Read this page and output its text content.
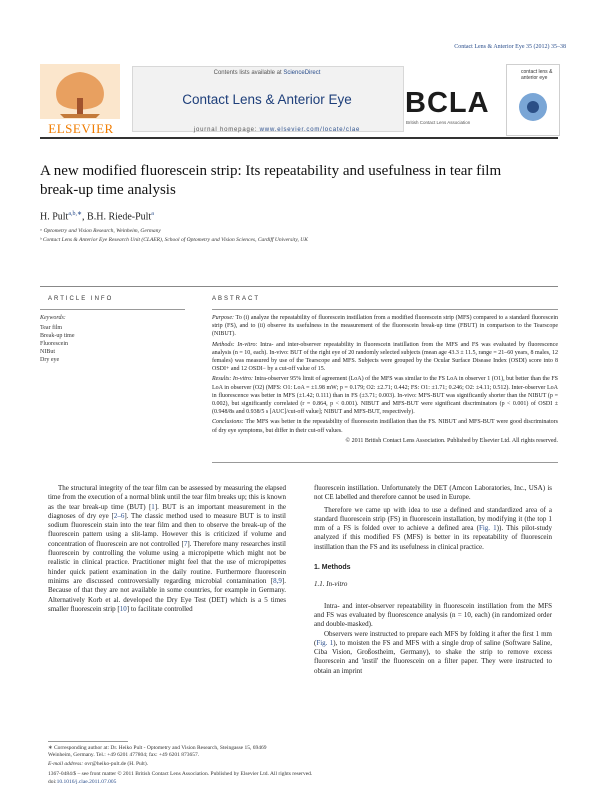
Contact Lens & Anterior Eye 35 (2012) 35–38
Contents lists available at ScienceDirect
Contact Lens & Anterior Eye
journal homepage: www.elsevier.com/locate/clae
ELSEVIER
BCLA
British Contact Lens Association
contact lens & anterior eye
A new modified fluorescein strip: Its repeatability and usefulness in tear film break-up time analysis
H. Pult$^{a,b,∗}$, B.H. Riede-Pult$^a$
ᵃ Optometry and Vision Research, Weinheim, Germany
ᵇ Contact Lens & Anterior Eye Research Unit (CLAER), School of Optometry and Vision Sciences, Cardiff University, UK
ARTICLE INFO	ABSTRACT
Keywords:
Tear film
Break-up time
Fluorescein
NIBut
Dry eye

Purpose: To (i) analyze the repeatability of fluorescein instillation from a modified fluorescein strip (MFS) compared to a standard fluorescein strip (FS), and to (ii) observe its usefulness in the measurement of the fluorescein break-up time (FBUT) in comparison to the Tearscope (NIBUT).

Methods: In-vitro: Intra- and inter-observer repeatability in fluorescein instillation from the MFS and FS was evaluated by fluorescence analysis (n = 10, each). In-vivo: BUT of the right eye of 20 randomly selected subjects (mean age 43.3 ± 11.5, range = 21–60 years, 8 males, 12 females) was measured by use of the Tearscope and MFS. Subjects were grouped by the Ocular Surface Disease Index (OSDI) score into 8 OSDI+ and 12 OSDI− by a cut-off value of 15.

Results: In-vitro: Intra-observer 95% limit of agreement (LoA) of the MFS was similar to the FS LoA in observer 1 (O1), but better than the FS LoA in observer (O2) (MFS: O1: LoA = ±1.98 mW; p = 0.179; O2: ±2.71; 0.442; FS: O1: ±1.71; 0.246; O2: ±4.11; 0.512). Inter-observer LoA in fluorescence was better in MFS (±1.42; 0.111) than in FS (±3.71; 0.003). In-vivo: MFS-BUT was significantly shorter than the NIBUT (p = 0.002), but significantly correlated (r = 0.864, p < 0.001). NIBUT and MFS-BUT were significant discriminators (p < 0.001) of OSDI ± (0.948/8s and 0.938/5 s [AUC]/cut-off value]; NIBUT and MFS-BUT, respectively).

Conclusions: The MFS was better in the repeatability of fluorescein instillation than the FS. NIBUT and MFS-BUT were good discriminators of dry eye symptoms, but differ in their cut-off values.

© 2011 British Contact Lens Association. Published by Elsevier Ltd. All rights reserved.

The structural integrity of the tear film can be assessed by measuring the elapsed time from the execution of a normal blink until the tear film breaks up; this is known as the tear break-up time (BUT) [1]. BUT is an important measurement in the diagnoses of dry eye [2–6]. The classic method used to measure BUT is to instil sodium fluorescein stain into the tear film and then to observe the break-up of the fluorescein pattern using a slit-lamp. However this is criticized if volume and concentration of fluorescein are not controlled [7]. Therefore many researches instil fluorescein by controlling the volume using a micropipette which might not be realistic in clinical practice. Practitioner might feel that the use of micropipettes hinder quick patient examination in the daily routine. Furthermore fluorescein minims are discussed controversially regarding microbial contamination [8,9]. Because of that they are not available in some countries, for example in Germany. Alternatively Korb et al. developed the Dry Eye Test (DET) which is a 5 times smaller fluorescein strip [10] to facilitate controlled

fluorescein instillation. Unfortunately the DET (Amcon Laboratories, Inc., USA) is not CE labelled and therefore cannot be used in Europe.

Therefore we came up with idea to use a defined and standardized area of a standard fluorescein strip (FS) in fluorescein installation, by modifying it (the top 1 mm of a FS is folded over to achieve a defined area (Fig. 1)). This pilot-study analyzed if this modified FS (MFS) is better in its repeatability of fluorescein instillation than the FS and its usefulness in clinical practice.

1. Methods

1.1. In-vitro

Intra- and inter-observer repeatability in fluorescein instillation from the MFS and FS was evaluated by fluorescence analysis (n = 10, each) (in randomized order and double-masked).

Observers were instructed to prepare each MFS by folding it after the first 1 mm (Fig. 1), to moisten the FS and MFS with a single drop of saline (Software Saline, Ciba Vision, Großostheim, Germany), to shake the strip to remove excess fluorescein and 'instil' the fluorescein on a filter paper. They were instructed to obtain an imprint

∗ Corresponding author at: Dr. Heiko Pult - Optometry and Vision Research, Steingasse 15, 69469 Weinheim, Germany. Tel.: +49 6201 477804; fax: +49 6201 873657.
E-mail address: ovr@heiko-pult.de (H. Pult).
1367-0484/$ – see front matter © 2011 British Contact Lens Association. Published by Elsevier Ltd. All rights reserved.
doi:10.1016/j.clae.2011.07.005
